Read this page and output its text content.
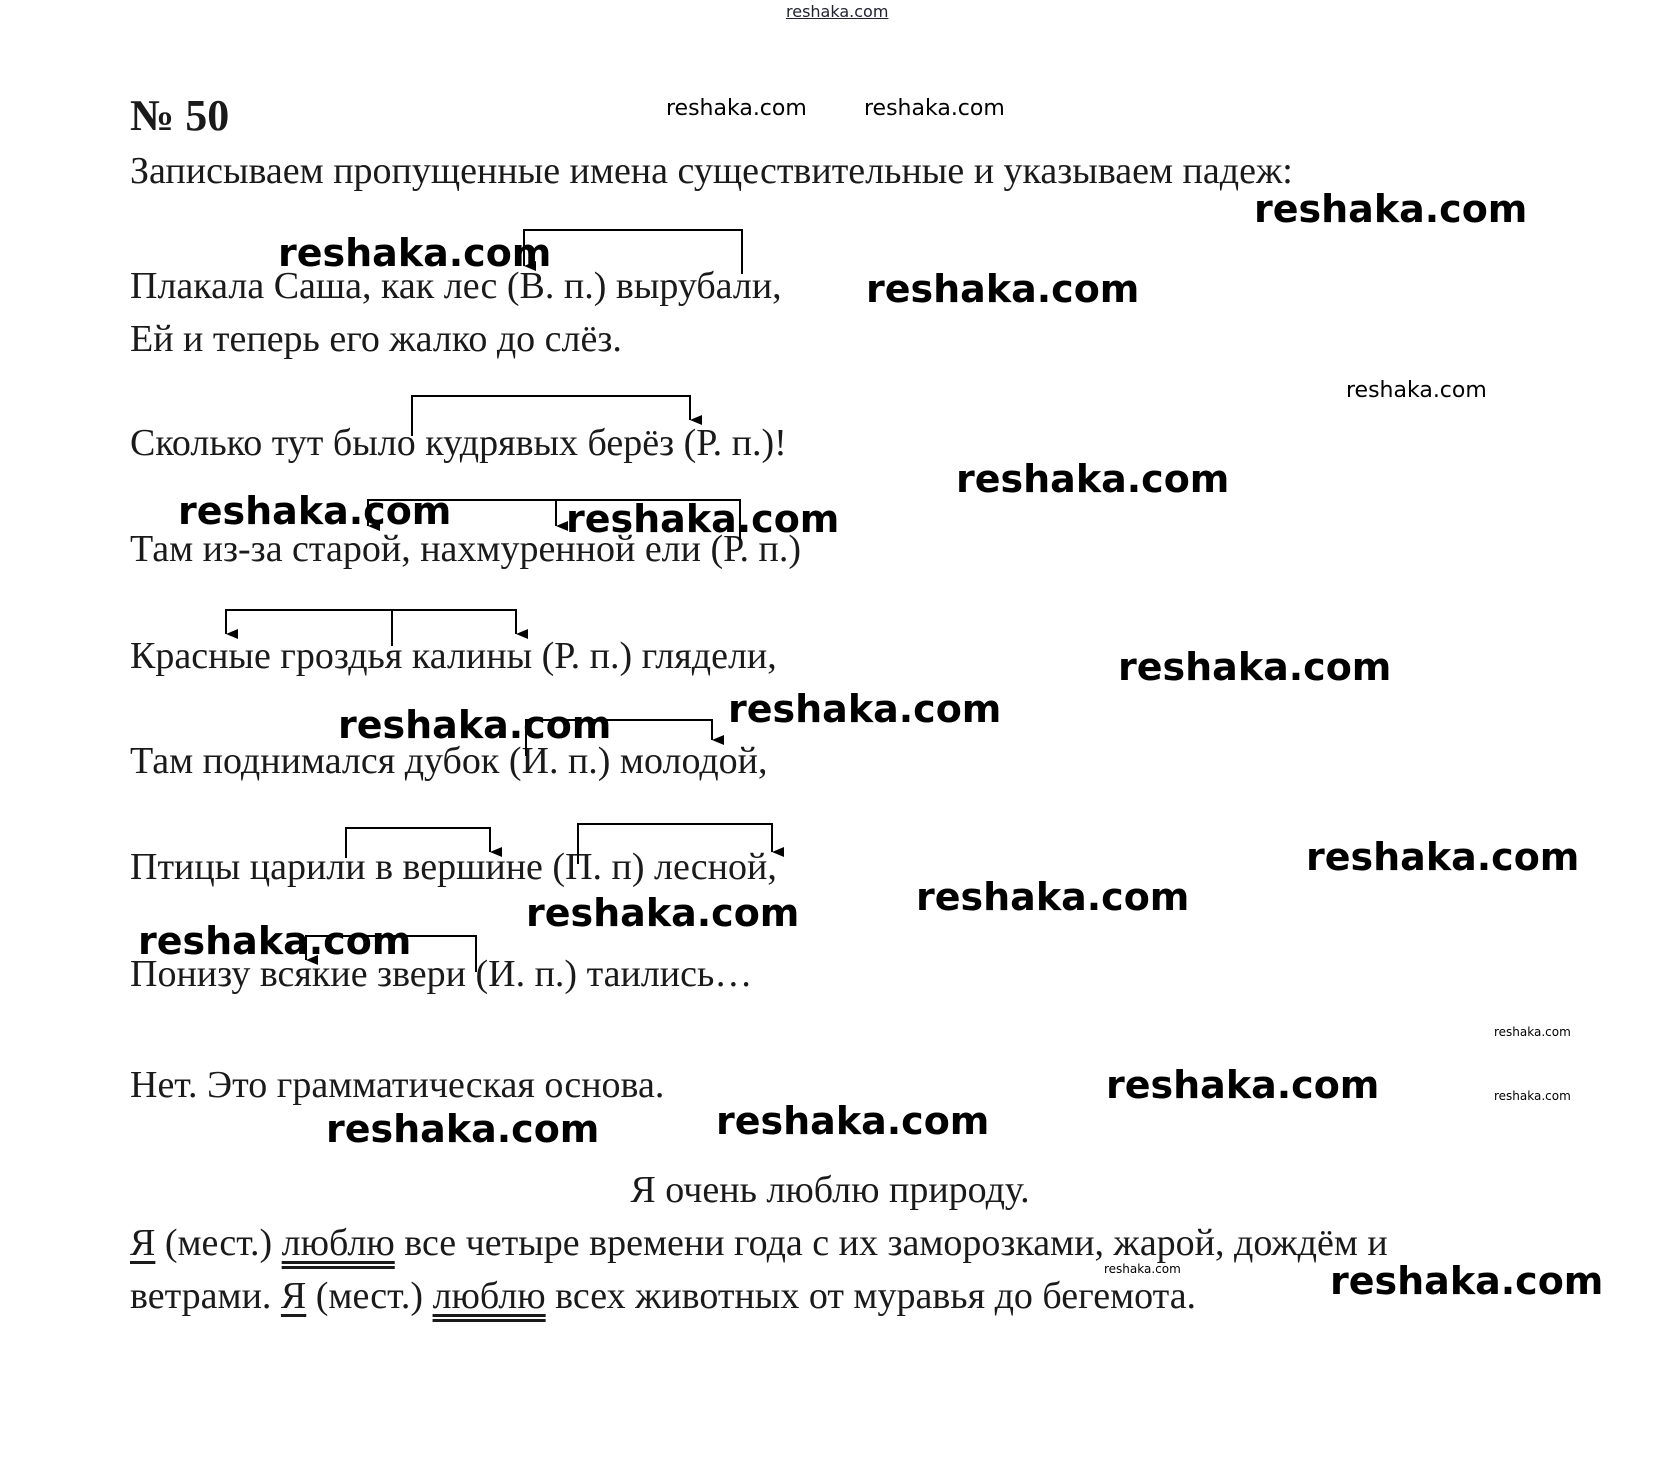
reshaka.com
№ 50
Записываем пропущенные имена существительные и указываем падеж:
Плакала Саша, как лес (В. п.) вырубали,
Ей и теперь его жалко до слёз.
Сколько тут было кудрявых берёз (Р. п.)!
Там из-за старой, нахмуренной ели (Р. п.)
Красные гроздья калины (Р. п.) глядели,
Там поднимался дубок (И. п.) молодой,
Птицы царили в вершине (П. п) лесной,
Понизу всякие звери (И. п.) таились…
Нет. Это грамматическая основа.
Я очень люблю природу.
Я (мест.) люблю все четыре времени года с их заморозками, жарой, дождём и
ветрами. Я (мест.) люблю всех животных от муравья до бегемота.
reshaka.com	reshaka.com
reshaka.com
reshaka.com
reshaka.com
reshaka.com
reshaka.com
reshaka.com	reshaka.com
reshaka.com
reshaka.com
reshaka.com
reshaka.com
reshaka.com
reshaka.com
reshaka.com
reshaka.com
reshaka.com	reshaka.com
reshaka.com
reshaka.com
reshaka.com	reshaka.com
